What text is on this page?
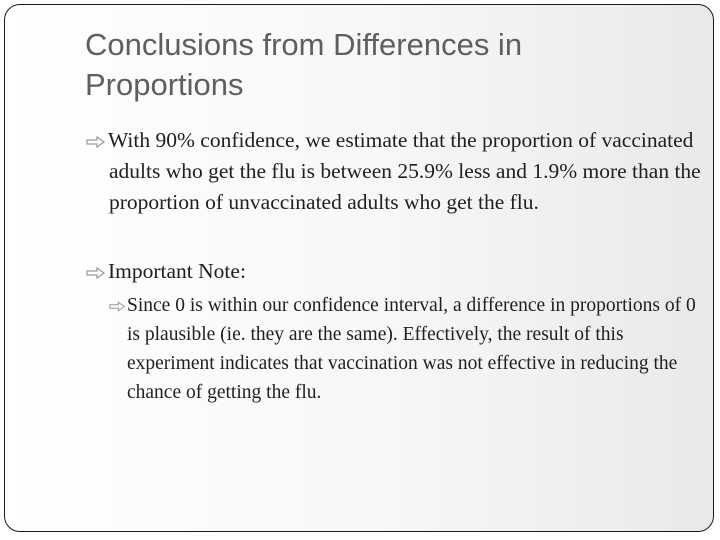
Conclusions from Differences in Proportions

With 90% confidence, we estimate that the proportion of vaccinated adults who get the flu is between 25.9% less and 1.9% more than the proportion of unvaccinated adults who get the flu.

Important Note:

Since 0 is within our confidence interval, a difference in proportions of 0 is plausible (ie. they are the same). Effectively, the result of this experiment indicates that vaccination was not effective in reducing the chance of getting the flu.
